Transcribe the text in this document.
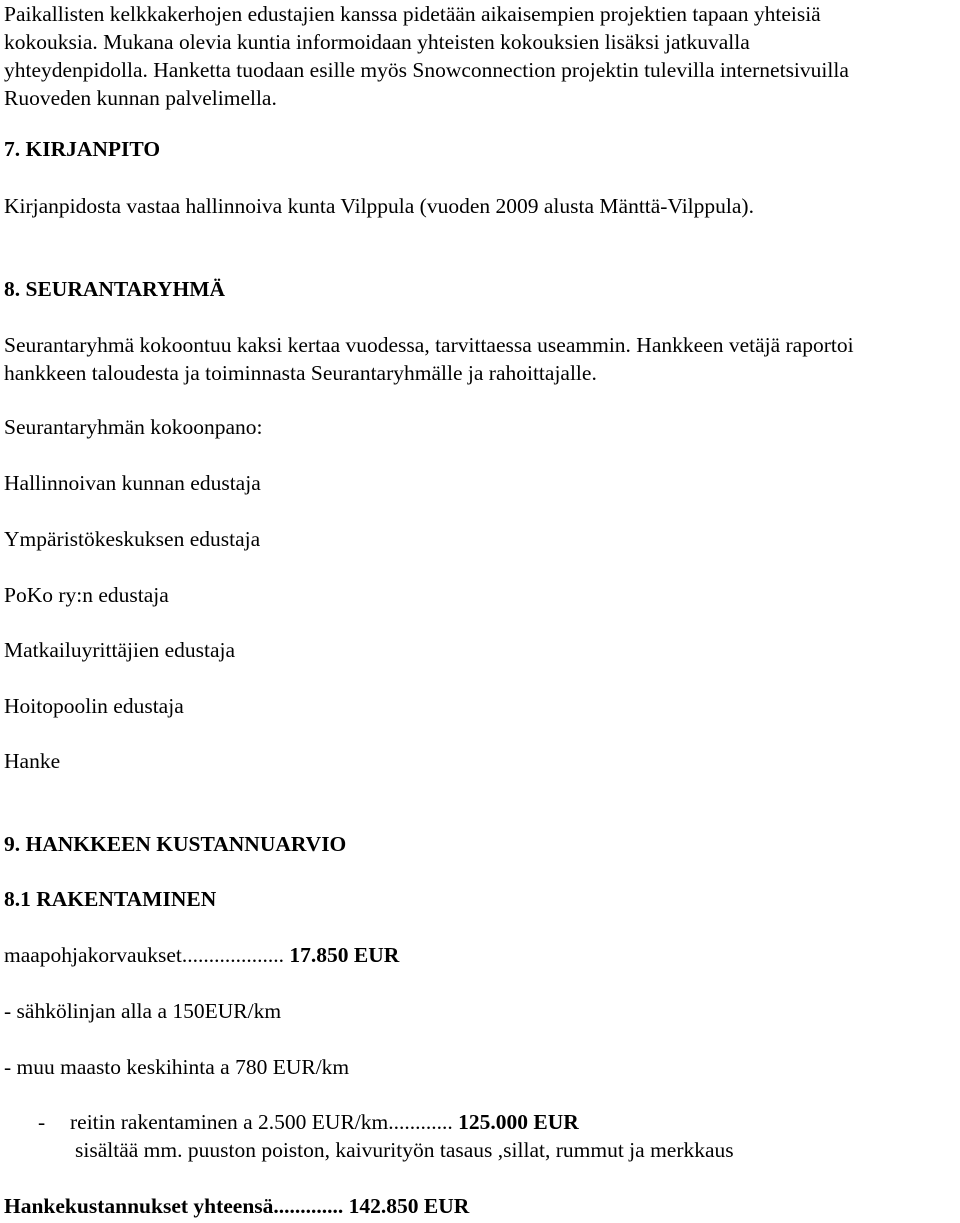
Paikallisten kelkkakerhojen edustajien kanssa pidetään aikaisempien projektien tapaan yhteisiä
kokouksia. Mukana olevia kuntia informoidaan yhteisten kokouksien lisäksi jatkuvalla
yhteydenpidolla. Hanketta tuodaan esille myös Snowconnection projektin tulevilla internetsivuilla
Ruoveden kunnan palvelimella.
7. KIRJANPITO
Kirjanpidosta vastaa hallinnoiva kunta Vilppula (vuoden 2009 alusta Mänttä-Vilppula).
8. SEURANTARYHMÄ
Seurantaryhmä kokoontuu kaksi kertaa vuodessa, tarvittaessa useammin. Hankkeen vetäjä raportoi
hankkeen taloudesta ja toiminnasta Seurantaryhmälle ja rahoittajalle.
Seurantaryhmän kokoonpano:
Hallinnoivan kunnan edustaja
Ympäristökeskuksen edustaja
PoKo ry:n edustaja
Matkailuyrittäjien edustaja
Hoitopoolin edustaja
Hanke
9. HANKKEEN KUSTANNUARVIO
8.1 RAKENTAMINEN
maapohjakorvaukset................... 17.850 EUR
- sähkölinjan alla a 150EUR/km
- muu maasto keskihinta a 780 EUR/km
- reitin rakentaminen a 2.500 EUR/km............ 125.000 EUR
sisältää mm. puuston poiston, kaivurityön tasaus ,sillat, rummut ja merkkaus
Hankekustannukset yhteensä............. 142.850 EUR
